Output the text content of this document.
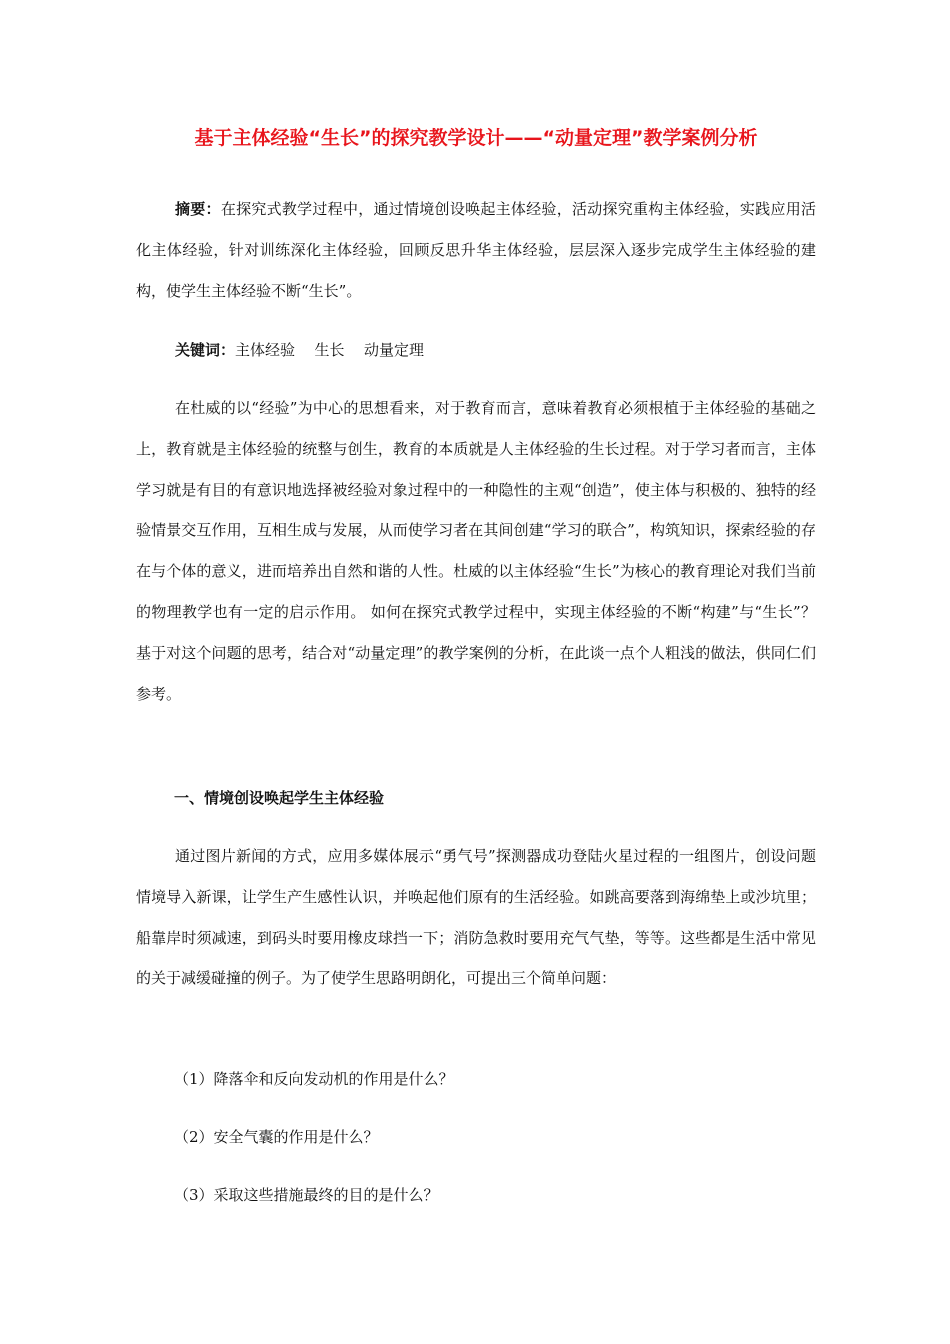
基于主体经验“生长”的探究教学设计——“动量定理”教学案例分析

摘要：在探究式教学过程中，通过情境创设唤起主体经验，活动探究重构主体经验，实践应用活化主体经验，针对训练深化主体经验，回顾反思升华主体经验，层层深入逐步完成学生主体经验的建构，使学生主体经验不断“生长”。

关键词：主体经验 生长 动量定理

在杜威的以“经验”为中心的思想看来，对于教育而言，意味着教育必须根植于主体经验的基础之上，教育就是主体经验的统整与创生，教育的本质就是人主体经验的生长过程。对于学习者而言，主体学习就是有目的有意识地选择被经验对象过程中的一种隐性的主观“创造”，使主体与积极的、独特的经验情景交互作用，互相生成与发展，从而使学习者在其间创建“学习的联合”，构筑知识，探索经验的存在与个体的意义，进而培养出自然和谐的人性。杜威的以主体经验“生长”为核心的教育理论对我们当前的物理教学也有一定的启示作用。 如何在探究式教学过程中，实现主体经验的不断“构建”与“生长”？基于对这个问题的思考，结合对“动量定理”的教学案例的分析，在此谈一点个人粗浅的做法，供同仁们参考。

一、情境创设唤起学生主体经验

通过图片新闻的方式，应用多媒体展示“勇气号”探测器成功登陆火星过程的一组图片，创设问题情境导入新课，让学生产生感性认识，并唤起他们原有的生活经验。如跳高要落到海绵垫上或沙坑里；船靠岸时须减速，到码头时要用橡皮球挡一下；消防急救时要用充气气垫，等等。这些都是生活中常见的关于减缓碰撞的例子。为了使学生思路明朗化，可提出三个简单问题：

（1）降落伞和反向发动机的作用是什么？

（2）安全气囊的作用是什么？

（3）采取这些措施最终的目的是什么？
